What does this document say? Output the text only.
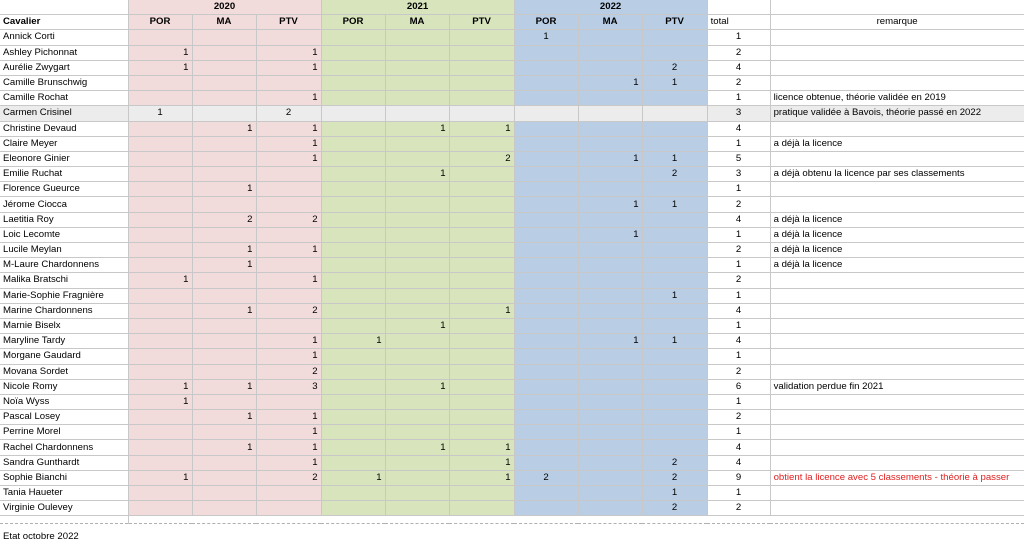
	2020			2021			2022				
Cavalier	POR	MA	PTV	POR	MA	PTV	POR	MA	PTV	total	remarque
Annick Corti							1			1	
Ashley Pichonnat	1		1							2	
Aurélie Zwygart	1		1						2	4	
Camille Brunschwig								1	1	2	
Camille Rochat			1							1	licence obtenue, théorie validée en 2019
Carmen Crisinel	1		2							3	pratique validée à Bavois, théorie passé en 2022
Christine Devaud		1	1		1	1				4	
Claire Meyer			1							1	a déjà la licence
Eleonore Ginier			1			2		1	1	5	
Emilie Ruchat					1				2	3	a déjà obtenu la licence par ses classements
Florence Gueurce		1								1	
Jérome Ciocca								1	1	2	
Laetitia Roy		2	2							4	a déjà la licence
Loic Lecomte								1		1	a déjà la licence
Lucile Meylan		1	1							2	a déjà la licence
M-Laure Chardonnens		1								1	a déjà la licence
Malika Bratschi	1		1							2	
Marie-Sophie Fragnière									1	1	
Marine Chardonnens		1	2			1				4	
Marnie Biselx					1					1	
Maryline Tardy			1	1				1	1	4	
Morgane Gaudard			1							1	
Movana Sordet			2							2	
Nicole Romy	1	1	3		1					6	validation perdue fin 2021
Noïa Wyss	1									1	
Pascal Losey		1	1							2	
Perrine Morel			1							1	
Rachel Chardonnens		1	1		1	1				4	
Sandra Gunthardt			1			1			2	4	
Sophie Bianchi	1		2	1		1	2		2	9	obtient la licence avec 5 classements - théorie à passer
Tania Haueter									1	1	
Virginie Oulevey									2	2	

Etat octobre 2022											
